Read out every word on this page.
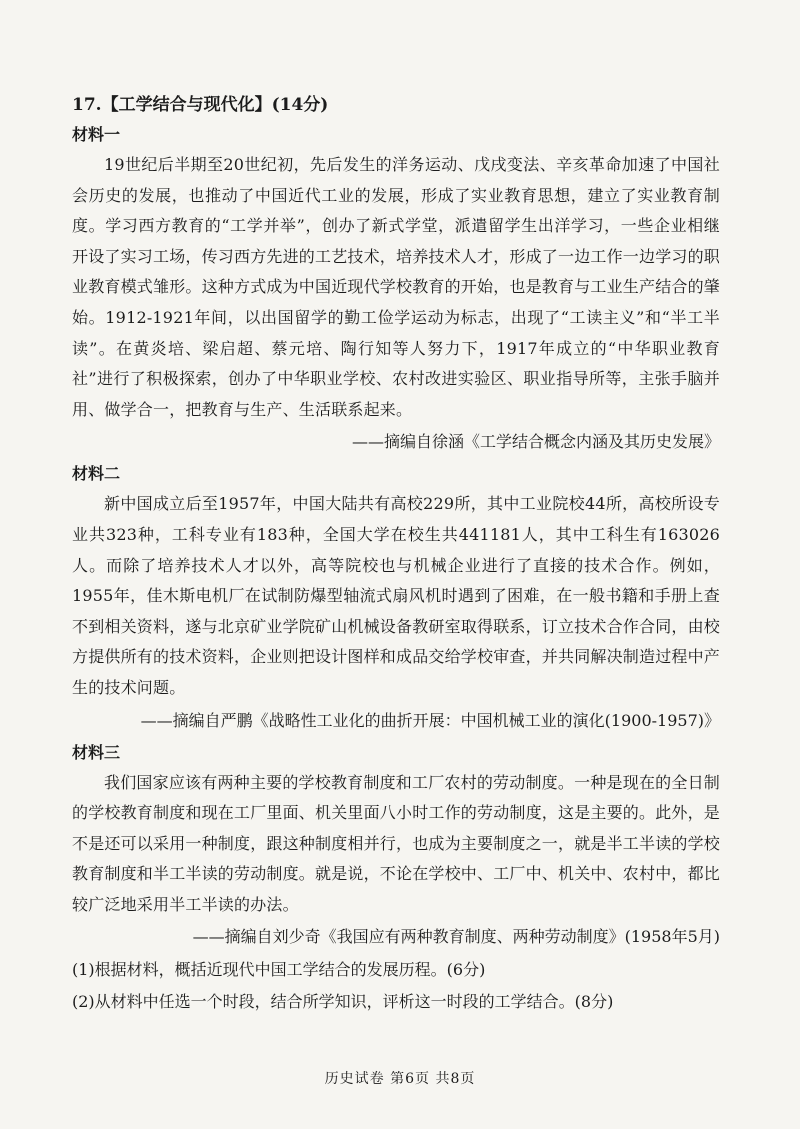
17.【工学结合与现代化】(14分)

材料一

19世纪后半期至20世纪初，先后发生的洋务运动、戊戌变法、辛亥革命加速了中国社会历史的发展，也推动了中国近代工业的发展，形成了实业教育思想，建立了实业教育制度。学习西方教育的“工学并举”，创办了新式学堂，派遣留学生出洋学习，一些企业相继开设了实习工场，传习西方先进的工艺技术，培养技术人才，形成了一边工作一边学习的职业教育模式雏形。这种方式成为中国近现代学校教育的开始，也是教育与工业生产结合的肇始。1912-1921年间，以出国留学的勤工俭学运动为标志，出现了“工读主义”和“半工半读”。在黄炎培、梁启超、蔡元培、陶行知等人努力下，1917年成立的“中华职业教育社”进行了积极探索，创办了中华职业学校、农村改进实验区、职业指导所等，主张手脑并用、做学合一，把教育与生产、生活联系起来。

——摘编自徐涵《工学结合概念内涵及其历史发展》

材料二

新中国成立后至1957年，中国大陆共有高校229所，其中工业院校44所，高校所设专业共323种，工科专业有183种，全国大学在校生共441181人，其中工科生有163026人。而除了培养技术人才以外，高等院校也与机械企业进行了直接的技术合作。例如，1955年，佳木斯电机厂在试制防爆型轴流式扇风机时遇到了困难，在一般书籍和手册上查不到相关资料，遂与北京矿业学院矿山机械设备教研室取得联系，订立技术合作合同，由校方提供所有的技术资料，企业则把设计图样和成品交给学校审查，并共同解决制造过程中产生的技术问题。

——摘编自严鹏《战略性工业化的曲折开展：中国机械工业的演化(1900-1957)》

材料三

我们国家应该有两种主要的学校教育制度和工厂农村的劳动制度。一种是现在的全日制的学校教育制度和现在工厂里面、机关里面八小时工作的劳动制度，这是主要的。此外，是不是还可以采用一种制度，跟这种制度相并行，也成为主要制度之一，就是半工半读的学校教育制度和半工半读的劳动制度。就是说，不论在学校中、工厂中、机关中、农村中，都比较广泛地采用半工半读的办法。

——摘编自刘少奇《我国应有两种教育制度、两种劳动制度》(1958年5月)

(1)根据材料，概括近现代中国工学结合的发展历程。(6分)

(2)从材料中任选一个时段，结合所学知识，评析这一时段的工学结合。(8分)

历史试卷 第6页 共8页
